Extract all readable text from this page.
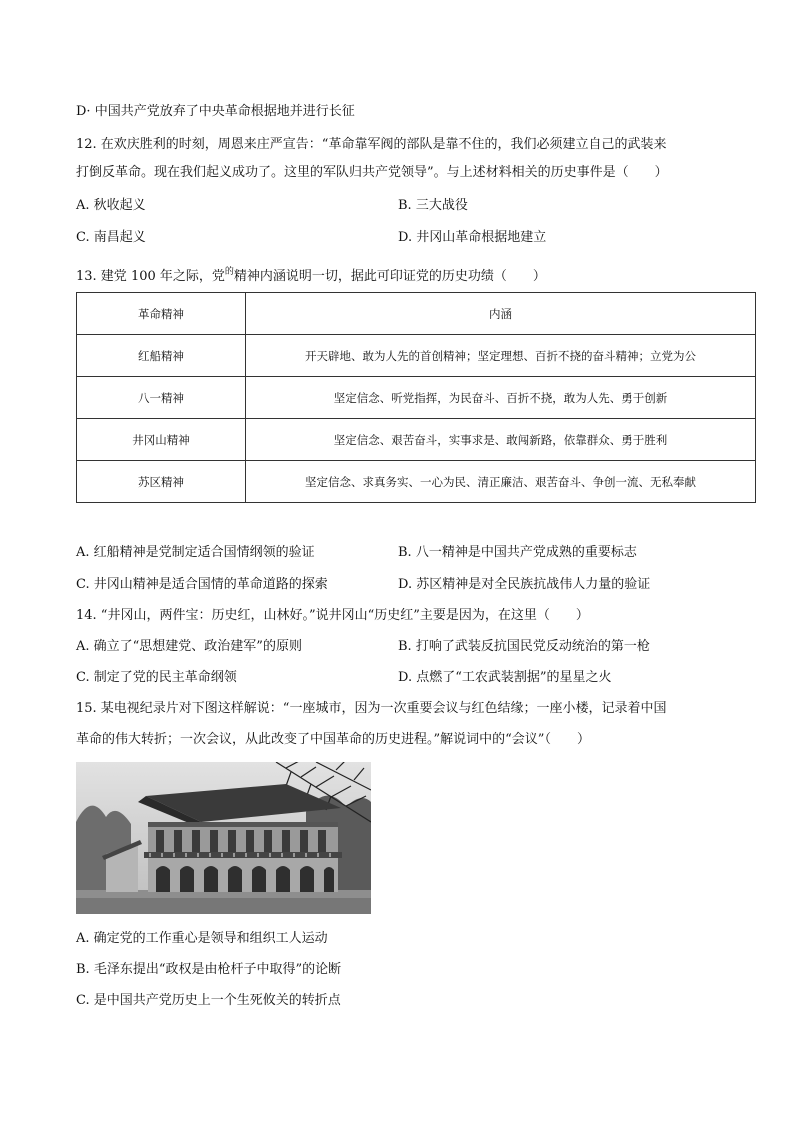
D· 中国共产党放弃了中央革命根据地并进行长征
12. 在欢庆胜利的时刻，周恩来庄严宣告：“革命靠军阀的部队是靠不住的，我们必须建立自己的武装来
打倒反革命。现在我们起义成功了。这里的军队归共产党领导”。与上述材料相关的历史事件是（　　）
A. 秋收起义	B. 三大战役
C. 南昌起义	D. 井冈山革命根据地建立
13. 建党 100 年之际，党$^的$精神内涵说明一切，据此可印证党的历史功绩（　　）
革命精神	内涵
红船精神	开天辟地、敢为人先的首创精神；坚定理想、百折不挠的奋斗精神；立党为公
八一精神	坚定信念、听党指挥，为民奋斗、百折不挠，敢为人先、勇于创新
井冈山精神	坚定信念、艰苦奋斗，实事求是、敢闯新路，依靠群众、勇于胜利
苏区精神	坚定信念、求真务实、一心为民、清正廉洁、艰苦奋斗、争创一流、无私奉献
A. 红船精神是党制定适合国情纲领的验证	B. 八一精神是中国共产党成熟的重要标志
C. 井冈山精神是适合国情的革命道路的探索	D. 苏区精神是对全民族抗战伟人力量的验证
14. “井冈山，两件宝：历史红，山林好。”说井冈山“历史红”主要是因为，在这里（　　）
A. 确立了“思想建党、政治建军”的原则	B. 打响了武装反抗国民党反动统治的第一枪
C. 制定了党的民主革命纲领	D. 点燃了“工农武装割据”的星星之火
15. 某电视纪录片对下图这样解说：“一座城市，因为一次重要会议与红色结缘；一座小楼，记录着中国
革命的伟大转折；一次会议，从此改变了中国革命的历史进程。”解说词中的“会议”（　　）
A. 确定党的工作重心是领导和组织工人运动
B. 毛泽东提出“政权是由枪杆子中取得”的论断
C. 是中国共产党历史上一个生死攸关的转折点
